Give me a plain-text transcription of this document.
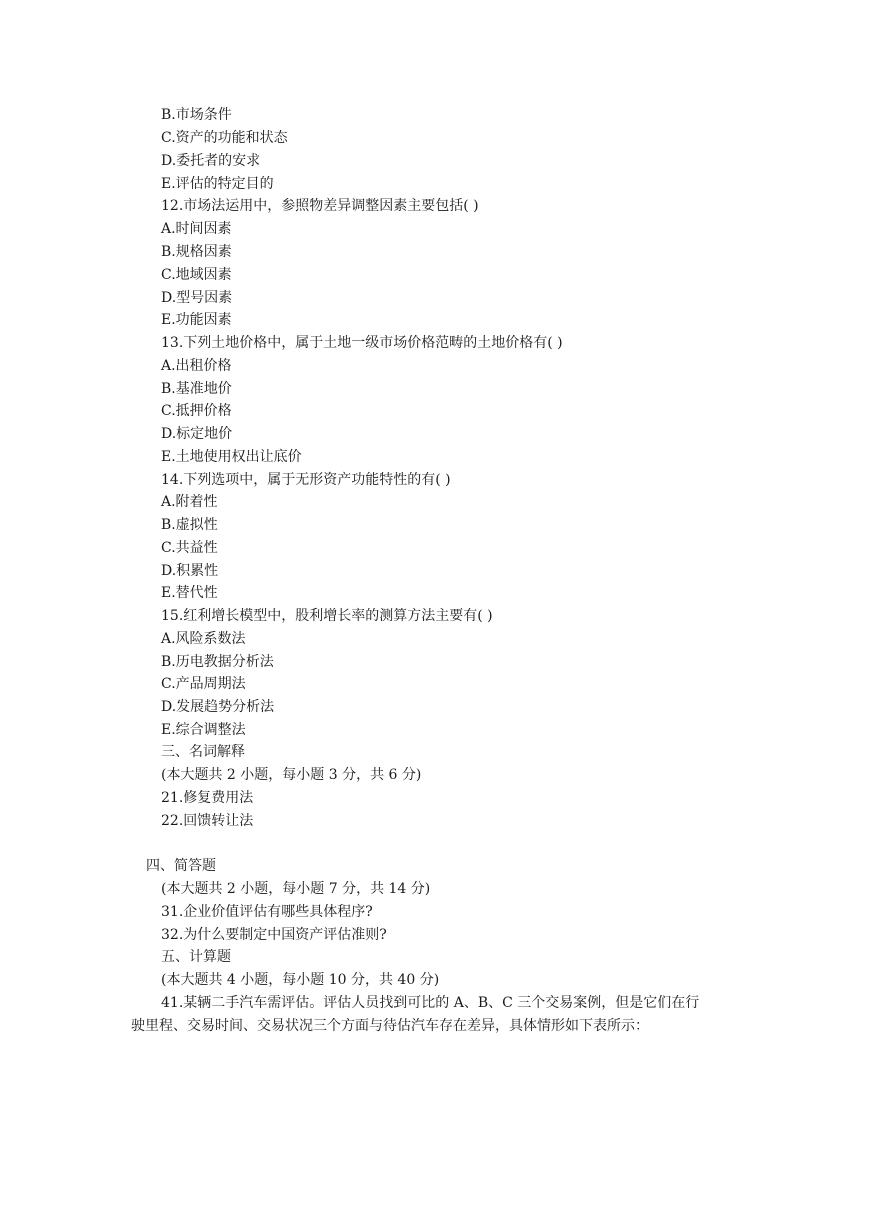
B.市场条件
C.资产的功能和状态
D.委托者的安求
E.评估的特定目的
12.市场法运用中，参照物差异调整因素主要包括( )
A.时间因素
B.规格因素
C.地域因素
D.型号因素
E.功能因素
13.下列土地价格中，属于土地一级市场价格范畴的土地价格有( )
A.出租价格
B.基准地价
C.抵押价格
D.标定地价
E.土地使用权出让底价
14.下列选项中，属于无形资产功能特性的有( )
A.附着性
B.虚拟性
C.共益性
D.积累性
E.替代性
15.红利增长模型中，股利增长率的测算方法主要有( )
A.风险系数法
B.历电教据分析法
C.产品周期法
D.发展趋势分析法
E.综合调整法
三、名词解释
(本大题共 2 小题，每小题 3 分，共 6 分)
21.修复费用法
22.回馈转让法
四、简答题
(本大题共 2 小题，每小题 7 分，共 14 分)
31.企业价值评估有哪些具体程序?
32.为什么要制定中国资产评估准则?
五、计算题
(本大题共 4 小题，每小题 10 分，共 40 分)
41.某辆二手汽车需评估。评估人员找到可比的 A、B、C 三个交易案例，但是它们在行
驶里程、交易时间、交易状况三个方面与待估汽车存在差异，具体情形如下表所示：
